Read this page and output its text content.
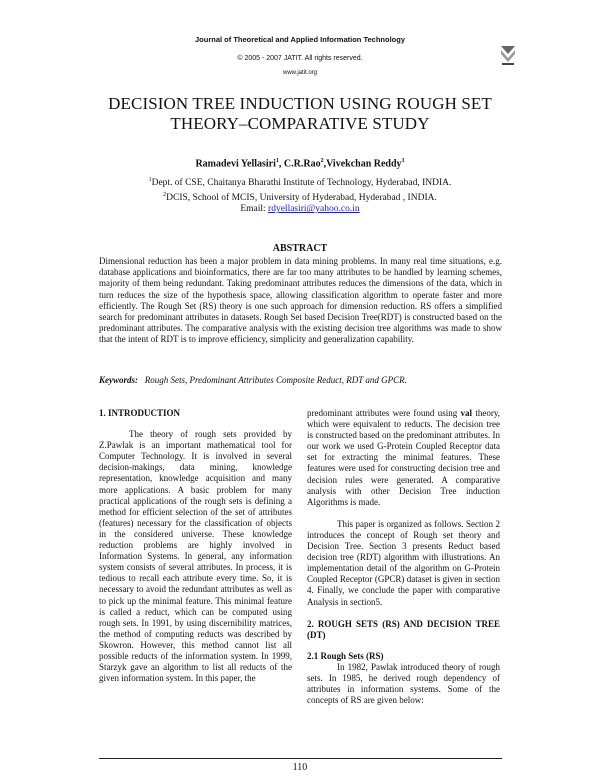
Journal of Theoretical and Applied Information Technology
© 2005 - 2007 JATIT. All rights reserved.
www.jatit.org
DECISION TREE INDUCTION USING ROUGH SET
THEORY–COMPARATIVE STUDY
Ramadevi Yellasiri$^1$, C.R.Rao$^2$,Vivekchan Reddy$^1$
$^1$Dept. of CSE, Chaitanya Bharathi Institute of Technology, Hyderabad, INDIA.
$^2$DCIS, School of MCIS, University of Hyderabad, Hyderabad , INDIA.
Email: rdyellasiri@yahoo.co.in
ABSTRACT
Dimensional reduction has been a major problem in data mining problems. In many real time situations, e.g. database applications and bioinformatics, there are far too many attributes to be handled by learning schemes, majority of them being redundant. Taking predominant attributes reduces the dimensions of the data, which in turn reduces the size of the hypothesis space, allowing classification algorithm to operate faster and more efficiently. The Rough Set (RS) theory is one such approach for dimension reduction. RS offers a simplified search for predominant attributes in datasets. Rough Set based Decision Tree(RDT) is constructed based on the predominant attributes. The comparative analysis with the existing decision tree algorithms was made to show that the intent of RDT is to improve efficiency, simplicity and generalization capability.
Keywords: Rough Sets, Predominant Attributes Composite Reduct, RDT and GPCR.
1. INTRODUCTION

The theory of rough sets provided by Z.Pawlak is an important mathematical tool for Computer Technology. It is involved in several decision-makings, data mining, knowledge representation, knowledge acquisition and many more applications. A basic problem for many practical applications of the rough sets is defining a method for efficient selection of the set of attributes (features) necessary for the classification of objects in the considered universe. These knowledge reduction problems are highly involved in Information Systems. In general, any information system consists of several attributes. In process, it is tedious to recall each attribute every time. So, it is necessary to avoid the redundant attributes as well as to pick up the minimal feature. This minimal feature is called a reduct, which can be computed using rough sets. In 1991, by using discernibility matrices, the method of computing reducts was described by Skowron. However, this method cannot list all possible reducts of the information system. In 1999, Starzyk gave an algorithm to list all reducts of the given information system. In this paper, the

predominant attributes were found using val theory, which were equivalent to reducts. The decision tree is constructed based on the predominant attributes. In our work we used G-Protein Coupled Receptor data set for extracting the minimal features. These features were used for constructing decision tree and decision rules were generated. A comparative analysis with other Decision Tree induction Algorithms is made.

This paper is organized as follows. Section 2 introduces the concept of Rough set theory and Decision Tree. Section 3 presents Reduct based decision tree (RDT) algorithm with illustrations. An implementation detail of the algorithm on G-Protein Coupled Receptor (GPCR) dataset is given in section 4. Finally, we conclude the paper with comparative Analysis in section5.

2. ROUGH SETS (RS) AND DECISION TREE (DT)
2.1 Rough Sets (RS)

In 1982, Pawlak introduced theory of rough sets. In 1985, he derived rough dependency of attributes in information systems. Some of the concepts of RS are given below:

110
